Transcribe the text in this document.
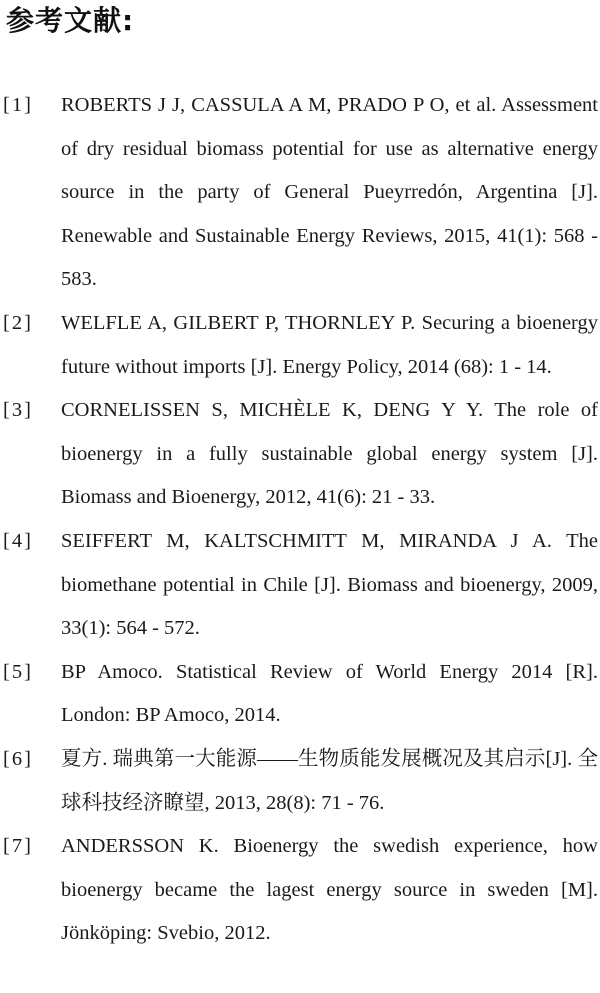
参考文献:
[1] ROBERTS J J, CASSULA A M, PRADO P O, et al. Assessment of dry residual biomass potential for use as alternative energy source in the party of General Pueyrredón, Argentina [J]. Renewable and Sustainable Energy Reviews, 2015, 41(1): 568 - 583.
[2] WELFLE A, GILBERT P, THORNLEY P. Securing a bioenergy future without imports [J]. Energy Policy, 2014 (68): 1 - 14.
[3] CORNELISSEN S, MICHÈLE K, DENG Y Y. The role of bioenergy in a fully sustainable global energy system [J]. Biomass and Bioenergy, 2012, 41(6): 21 - 33.
[4] SEIFFERT M, KALTSCHMITT M, MIRANDA J A. The biomethane potential in Chile [J]. Biomass and bioenergy, 2009, 33(1): 564 - 572.
[5] BP Amoco. Statistical Review of World Energy 2014 [R]. London: BP Amoco, 2014.
[6] 夏方. 瑞典第一大能源——生物质能发展概况及其启示[J]. 全球科技经济瞭望, 2013, 28(8): 71 - 76.
[7] ANDERSSON K. Bioenergy the swedish experience, how bioenergy became the lagest energy source in sweden [M]. Jönköping: Svebio, 2012.
